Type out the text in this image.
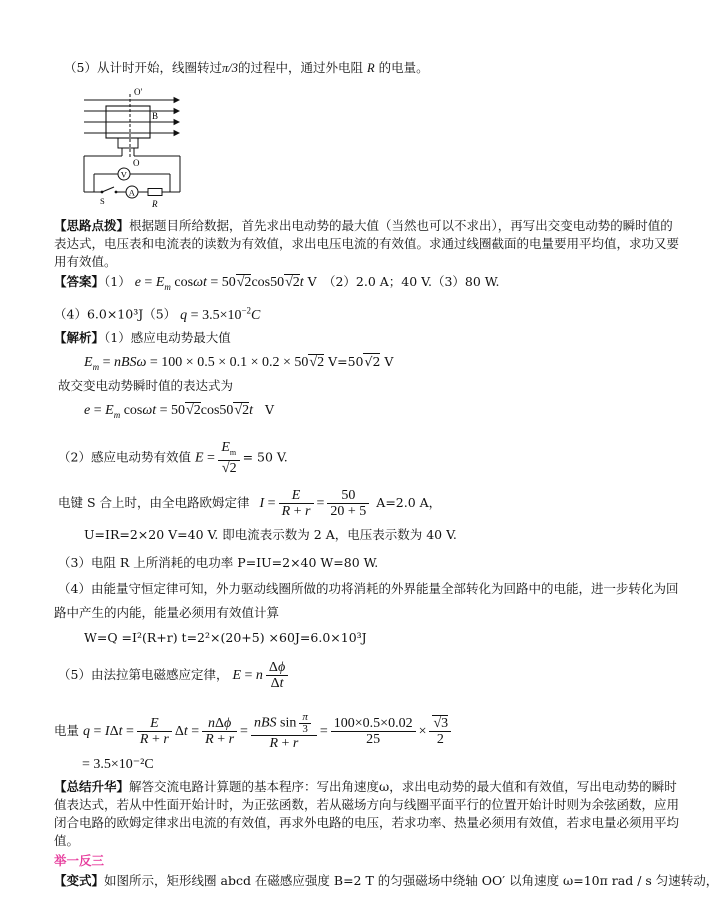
（5）从计时开始，线圈转过π/3的过程中，通过外电阻 R 的电量。
O′
B
O
V
S
A
R
【思路点拨】根据题目所给数据，首先求出电动势的最大值（当然也可以不求出），再写出交变电动势的瞬时值的
表达式，电压表和电流表的读数为有效值，求出电压电流的有效值。求通过线圈截面的电量要用平均值，求功又要
用有效值。
【答案】（1） $e = E_m$ cosωt = 50√2cos50√2t V　（2）2.0 A；40 V.（3）80 W.
（4）6.0×10³J（5） $q = 3.5\times 10^{-2}C$
【解析】（1）感应电动势最大值
$E_m = nBS\omega = 100 \times 0.5 \times 0.1 \times 0.2 \times 50√2$ V=50√2 V
故交变电动势瞬时值的表达式为
$e = E_m$ cosωt = 50√2cos50√2t V
（2）感应电动势有效值 $E = \frac{E_m}{√2} = 50$ V.
电键 S 合上时，由全电路欧姆定律 $I = \frac{E}{R + r} = \frac{50}{20 + 5} A=2.0$ A，
U=IR=2×20 V=40 V. 即电流表示数为 2 A，电压表示数为 40 V.
（3）电阻 R 上所消耗的电功率 P=IU=2×40 W=80 W.
（4）由能量守恒定律可知，外力驱动线圈所做的功将消耗的外界能量全部转化为回路中的电能，进一步转化为回
路中产生的内能，能量必须用有效值计算
W=Q =I²(R+r) t=2²×(20+5) ×60J=6.0×10³J
（5）由法拉第电磁感应定律， E = n $\frac{\Delta\phi}{\Delta t}$
电量 $q = I\Delta t = \frac{E}{R + r}$ $\Delta t = \frac{\text{nΔϕ}}{R + r} = \frac{nBS \sin \frac{\pi}{3}}{R + r} = \frac{100\times 0.5\times 0.02}{25} \times \frac{√3}{2}$
= 3.5×10⁻²C
【总结升华】解答交流电路计算题的基本程序：写出角速度ω，求出电动势的最大值和有效值，写出电动势的瞬时
值表达式，若从中性面开始计时，为正弦函数，若从磁场方向与线圈平面平行的位置开始计时则为余弦函数，应用
闭合电路的欧姆定律求出电流的有效值，再求外电路的电压，若求功率、热量必须用有效值，若求电量必须用平均
值。
举一反三
【变式】如图所示，矩形线圈 abcd 在磁感应强度 B=2 T 的匀强磁场中绕轴 OO′ 以角速度 ω=10π rad / s 匀速转动，
